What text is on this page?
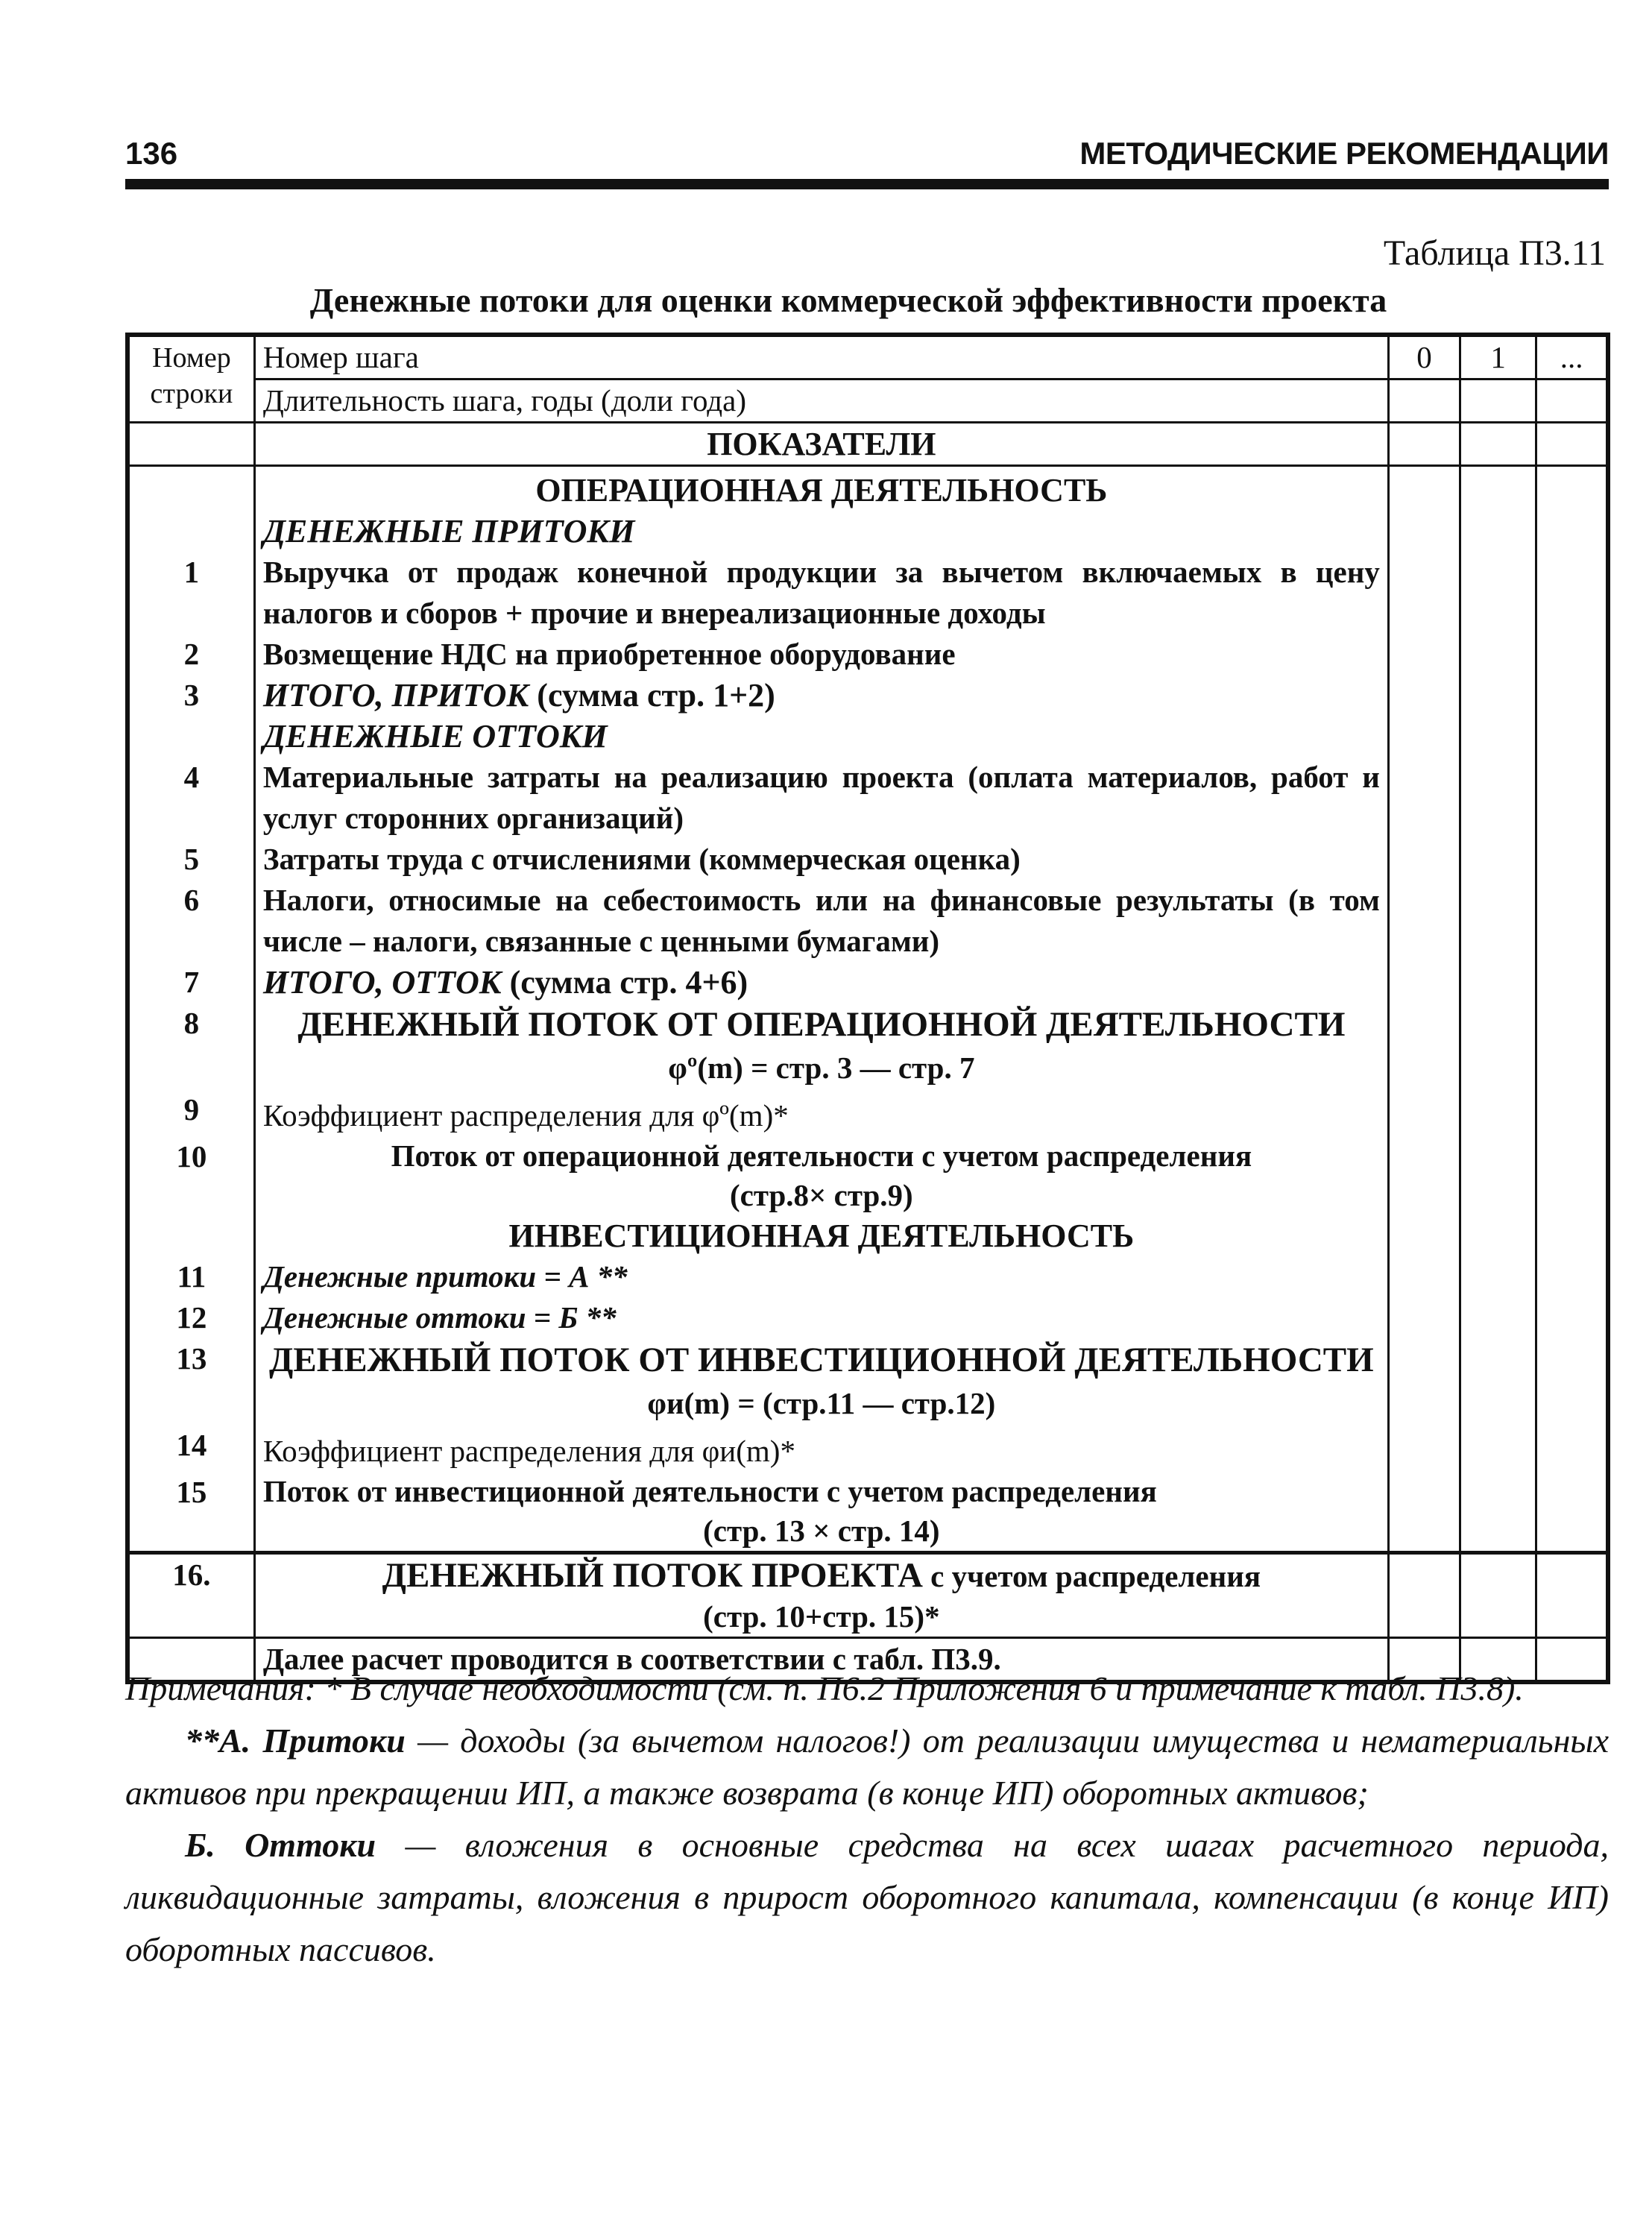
136	МЕТОДИЧЕСКИЕ РЕКОМЕНДАЦИИ
Таблица П3.11
Денежные потоки для оценки коммерческой эффективности проекта
Номер
строки	Номер шага	0	1	...
	Длительность шага, годы (доли года)			
	ПОКАЗАТЕЛИ			
	ОПЕРАЦИОННАЯ ДЕЯТЕЛЬНОСТЬ			
	ДЕНЕЖНЫЕ ПРИТОКИ			
1	Выручка от продаж конечной продукции за вычетом включаемых в цену налогов и сборов + прочие и внереализационные доходы			
2	Возмещение НДС на приобретенное оборудование			
3	ИТОГО, ПРИТОК (сумма стр. 1+2)			
	ДЕНЕЖНЫЕ ОТТОКИ			
4	Материальные затраты на реализацию проекта (оплата материалов, работ и услуг сторонних организаций)			
5	Затраты труда с отчислениями (коммерческая оценка)			
6	Налоги, относимые на себестоимость или на финансовые результаты (в том числе – налоги, связанные с ценными бумагами)			
7	ИТОГО, ОТТОК (сумма стр. 4+6)			
8	ДЕНЕЖНЫЙ ПОТОК ОТ ОПЕРАЦИОННОЙ ДЕЯТЕЛЬНОСТИ
φº(m) = стр. 3 — стр. 7			

9	Коэффициент распределения для φº(m)*			
10	Поток от операционной деятельности с учетом распределения
(стр.8× стр.9)			

	ИНВЕСТИЦИОННАЯ ДЕЯТЕЛЬНОСТЬ			
11	Денежные притоки = А **			
12	Денежные оттоки = Б **			
13	ДЕНЕЖНЫЙ ПОТОК ОТ ИНВЕСТИЦИОННОЙ ДЕЯТЕЛЬНОСТИ
φи(m) = (стр.11 — стр.12)			

14	Коэффициент распределения для φи(m)*			
15	Поток от инвестиционной деятельности с учетом распределения
(стр. 13 × стр. 14)			

16.	ДЕНЕЖНЫЙ ПОТОК ПРОЕКТА с учетом распределения
(стр. 10+стр. 15)*			

	Далее расчет проводится в соответствии с табл. П3.9.			

Примечания: * В случае необходимости (см. п. П6.2 Приложения 6 и примечание к табл. П3.8).

**А. Притоки — доходы (за вычетом налогов!) от реализации имущества и нематериальных активов при прекращении ИП, а также возврата (в конце ИП) оборотных активов;

Б. Оттоки — вложения в основные средства на всех шагах расчетного периода, ликвидационные затраты, вложения в прирост оборотного капитала, компенсации (в конце ИП) оборотных пассивов.
